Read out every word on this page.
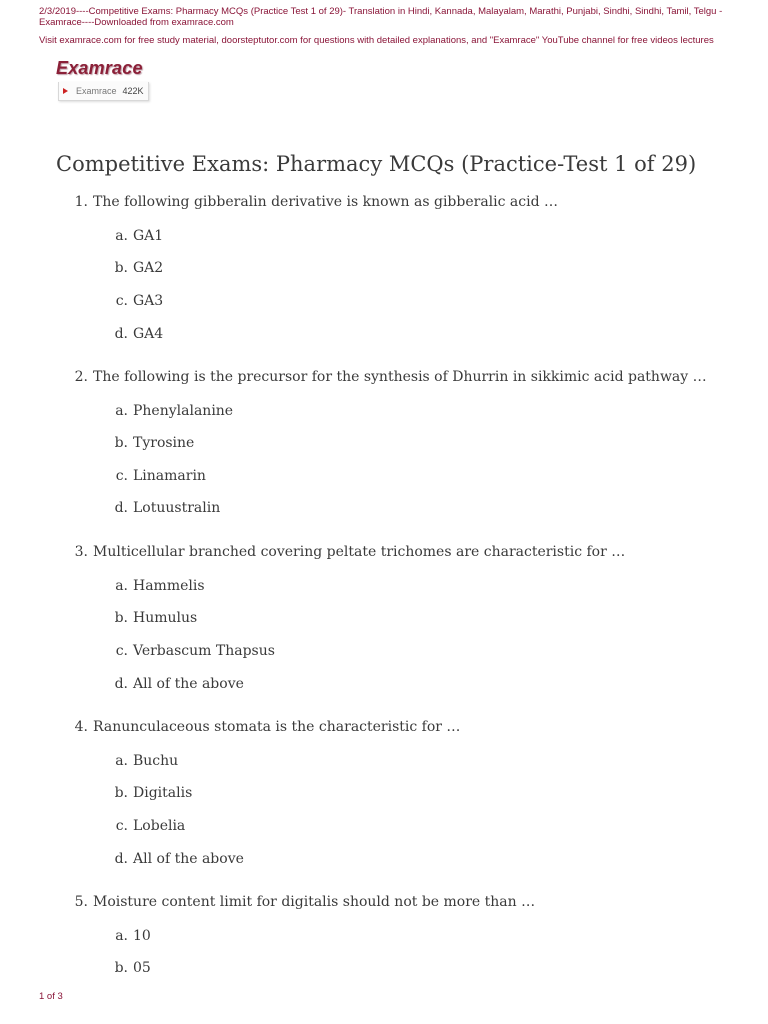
2/3/2019----Competitive Exams: Pharmacy MCQs (Practice Test 1 of 29)- Translation in Hindi, Kannada, Malayalam, Marathi, Punjabi, Sindhi, Sindhi, Tamil, Telgu - Examrace----Downloaded from examrace.com
Visit examrace.com for free study material, doorsteptutor.com for questions with detailed explanations, and "Examrace" YouTube channel for free videos lectures
Examrace
Examrace 422K
Competitive Exams: Pharmacy MCQs (Practice-Test 1 of 29)
1. The following gibberalin derivative is known as gibberalic acid …
a. GA1
b. GA2
c. GA3
d. GA4
2. The following is the precursor for the synthesis of Dhurrin in sikkimic acid pathway …
a. Phenylalanine
b. Tyrosine
c. Linamarin
d. Lotuustralin
3. Multicellular branched covering peltate trichomes are characteristic for …
a. Hammelis
b. Humulus
c. Verbascum Thapsus
d. All of the above
4. Ranunculaceous stomata is the characteristic for …
a. Buchu
b. Digitalis
c. Lobelia
d. All of the above
5. Moisture content limit for digitalis should not be more than …
a. 10
b. 05
1 of 3
